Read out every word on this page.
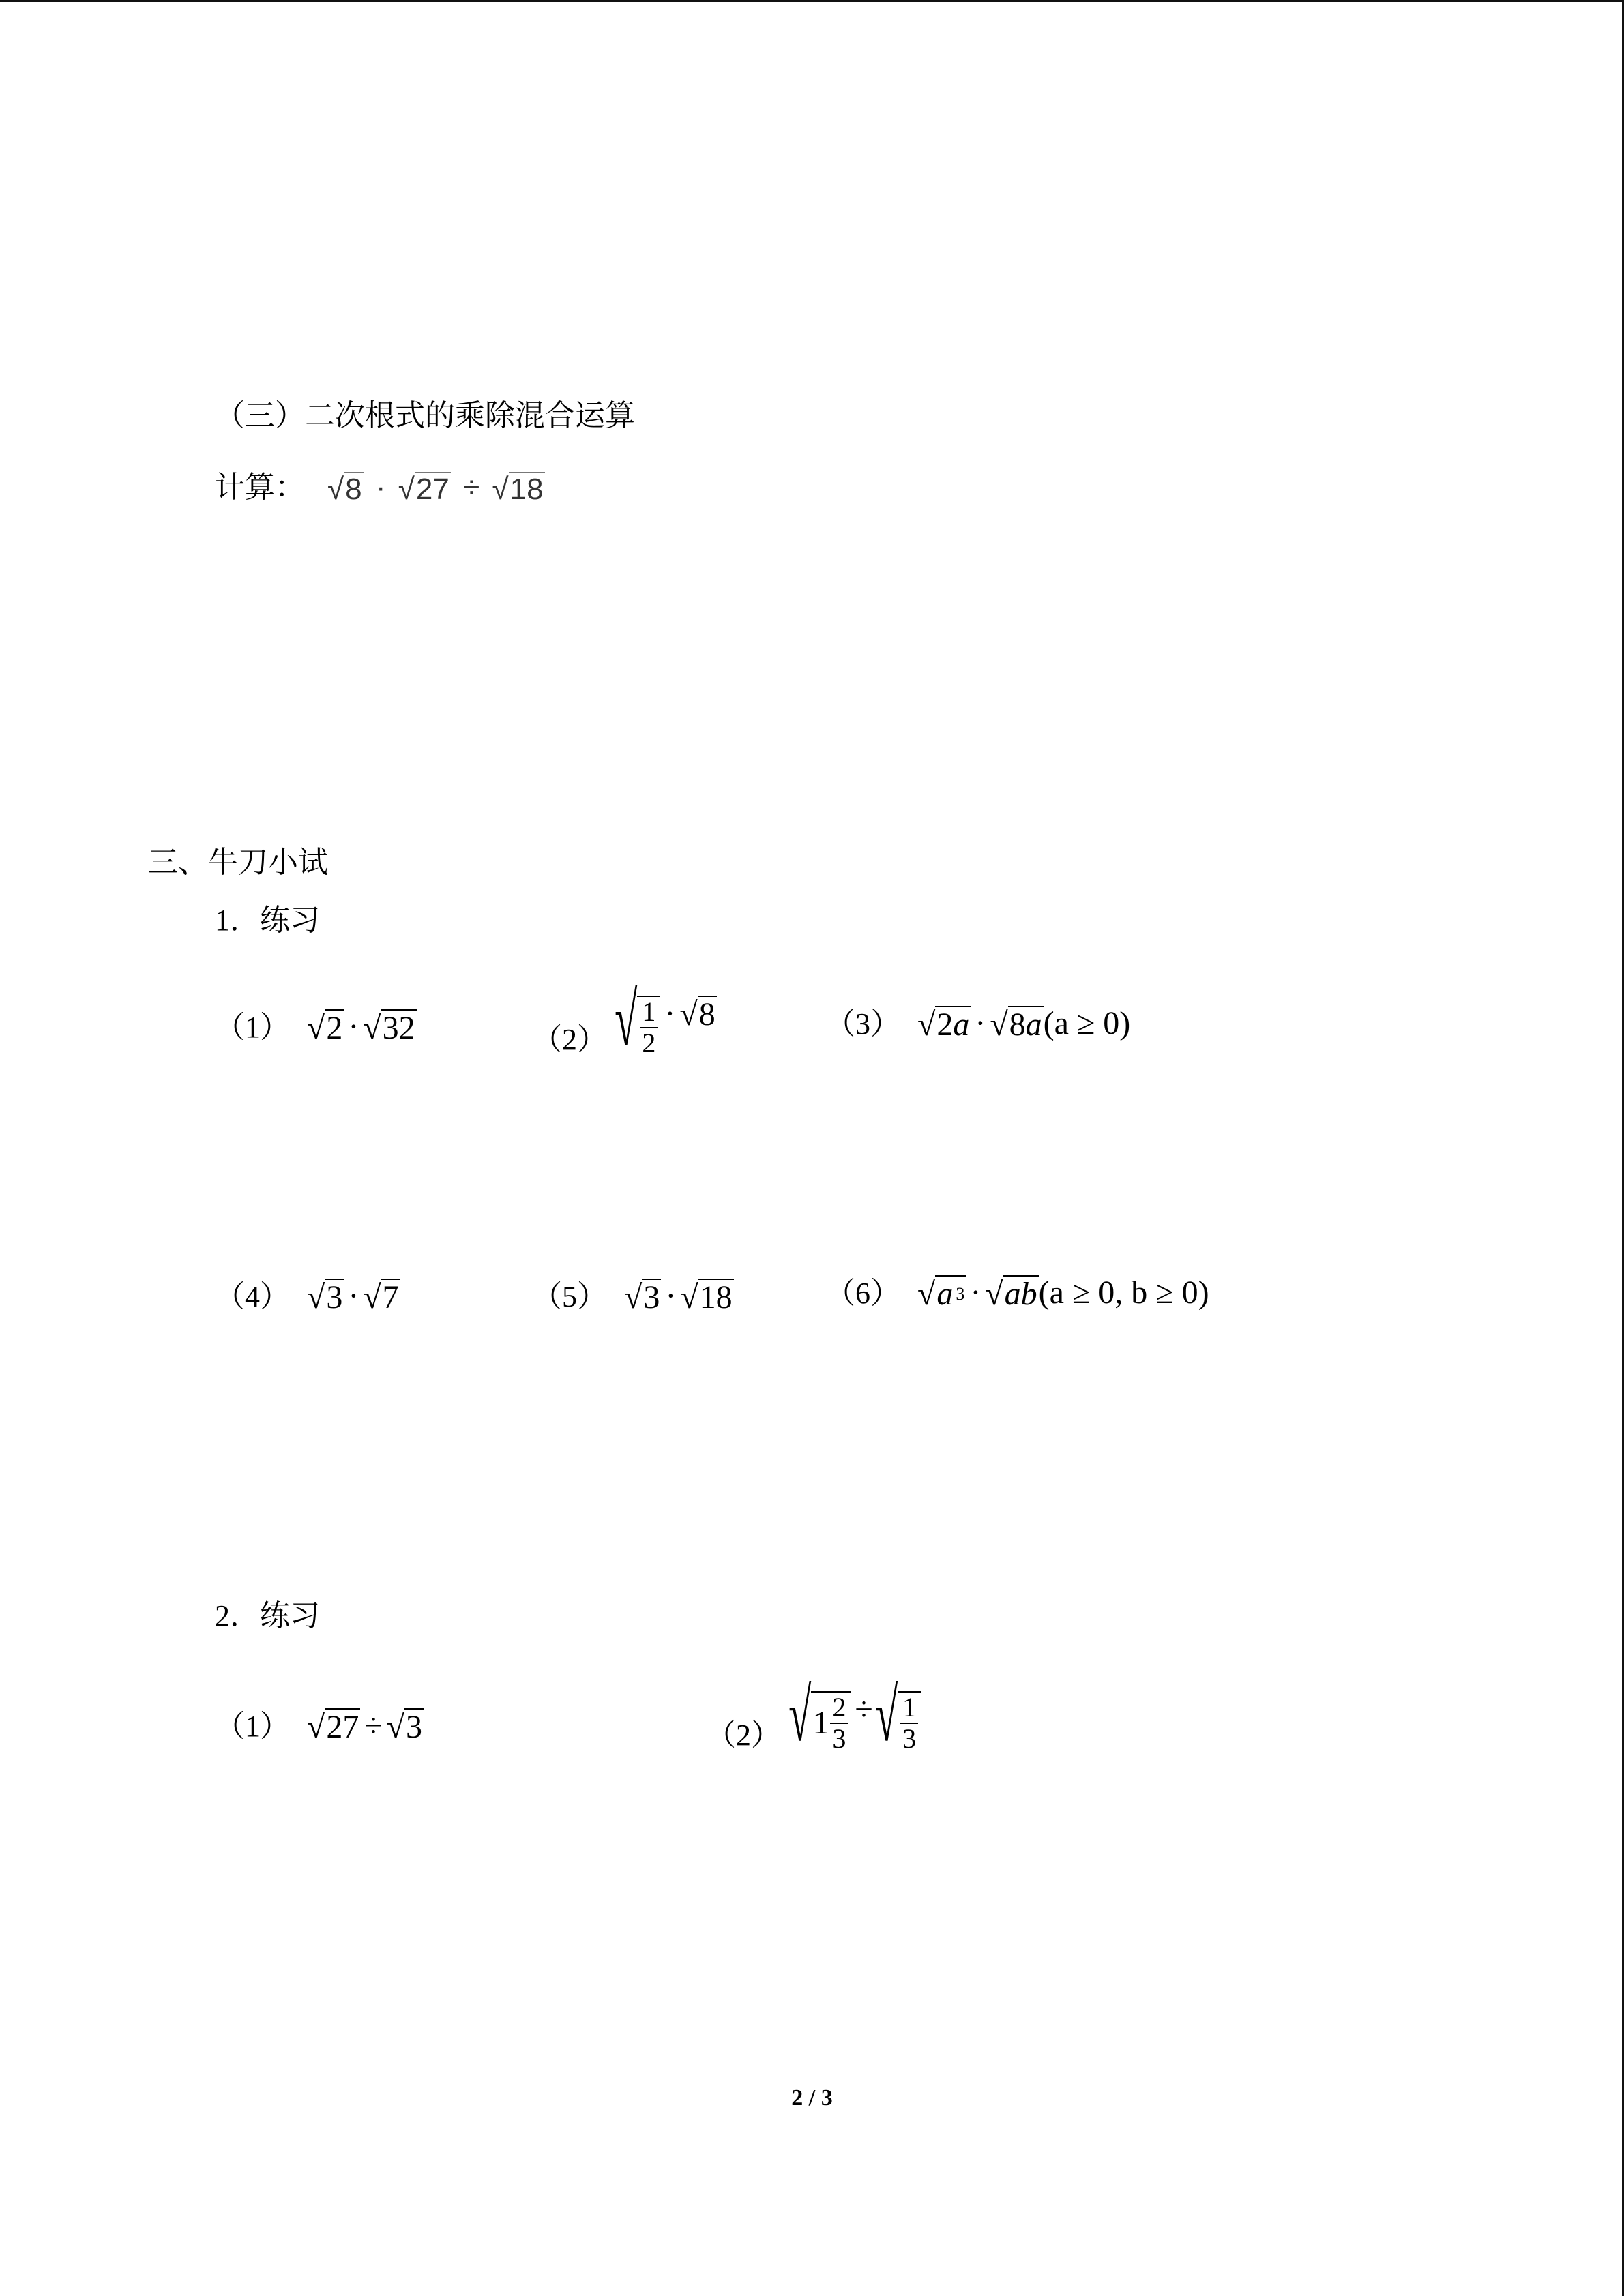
（三）二次根式的乘除混合运算
计算： √ 8 · √ 27 ÷ √ 18
三、牛刀小试
1．练习
（1） √ 2 · √ 32	（2） √ $\frac{1}{2}$ · √ 8	（3） √ 2 a · √ 8 a (a ≥ 0)
（4） √ 3 · √ 7	（5） √ 3 · √ 18	（6） √ a 3 · √ ab (a ≥ 0, b ≥ 0)
2．练习
（1） √ 27 ÷ √ 3	（2） √ $1 \frac{2}{3}$ ÷ √ $\frac{1}{3}$
2 / 3
